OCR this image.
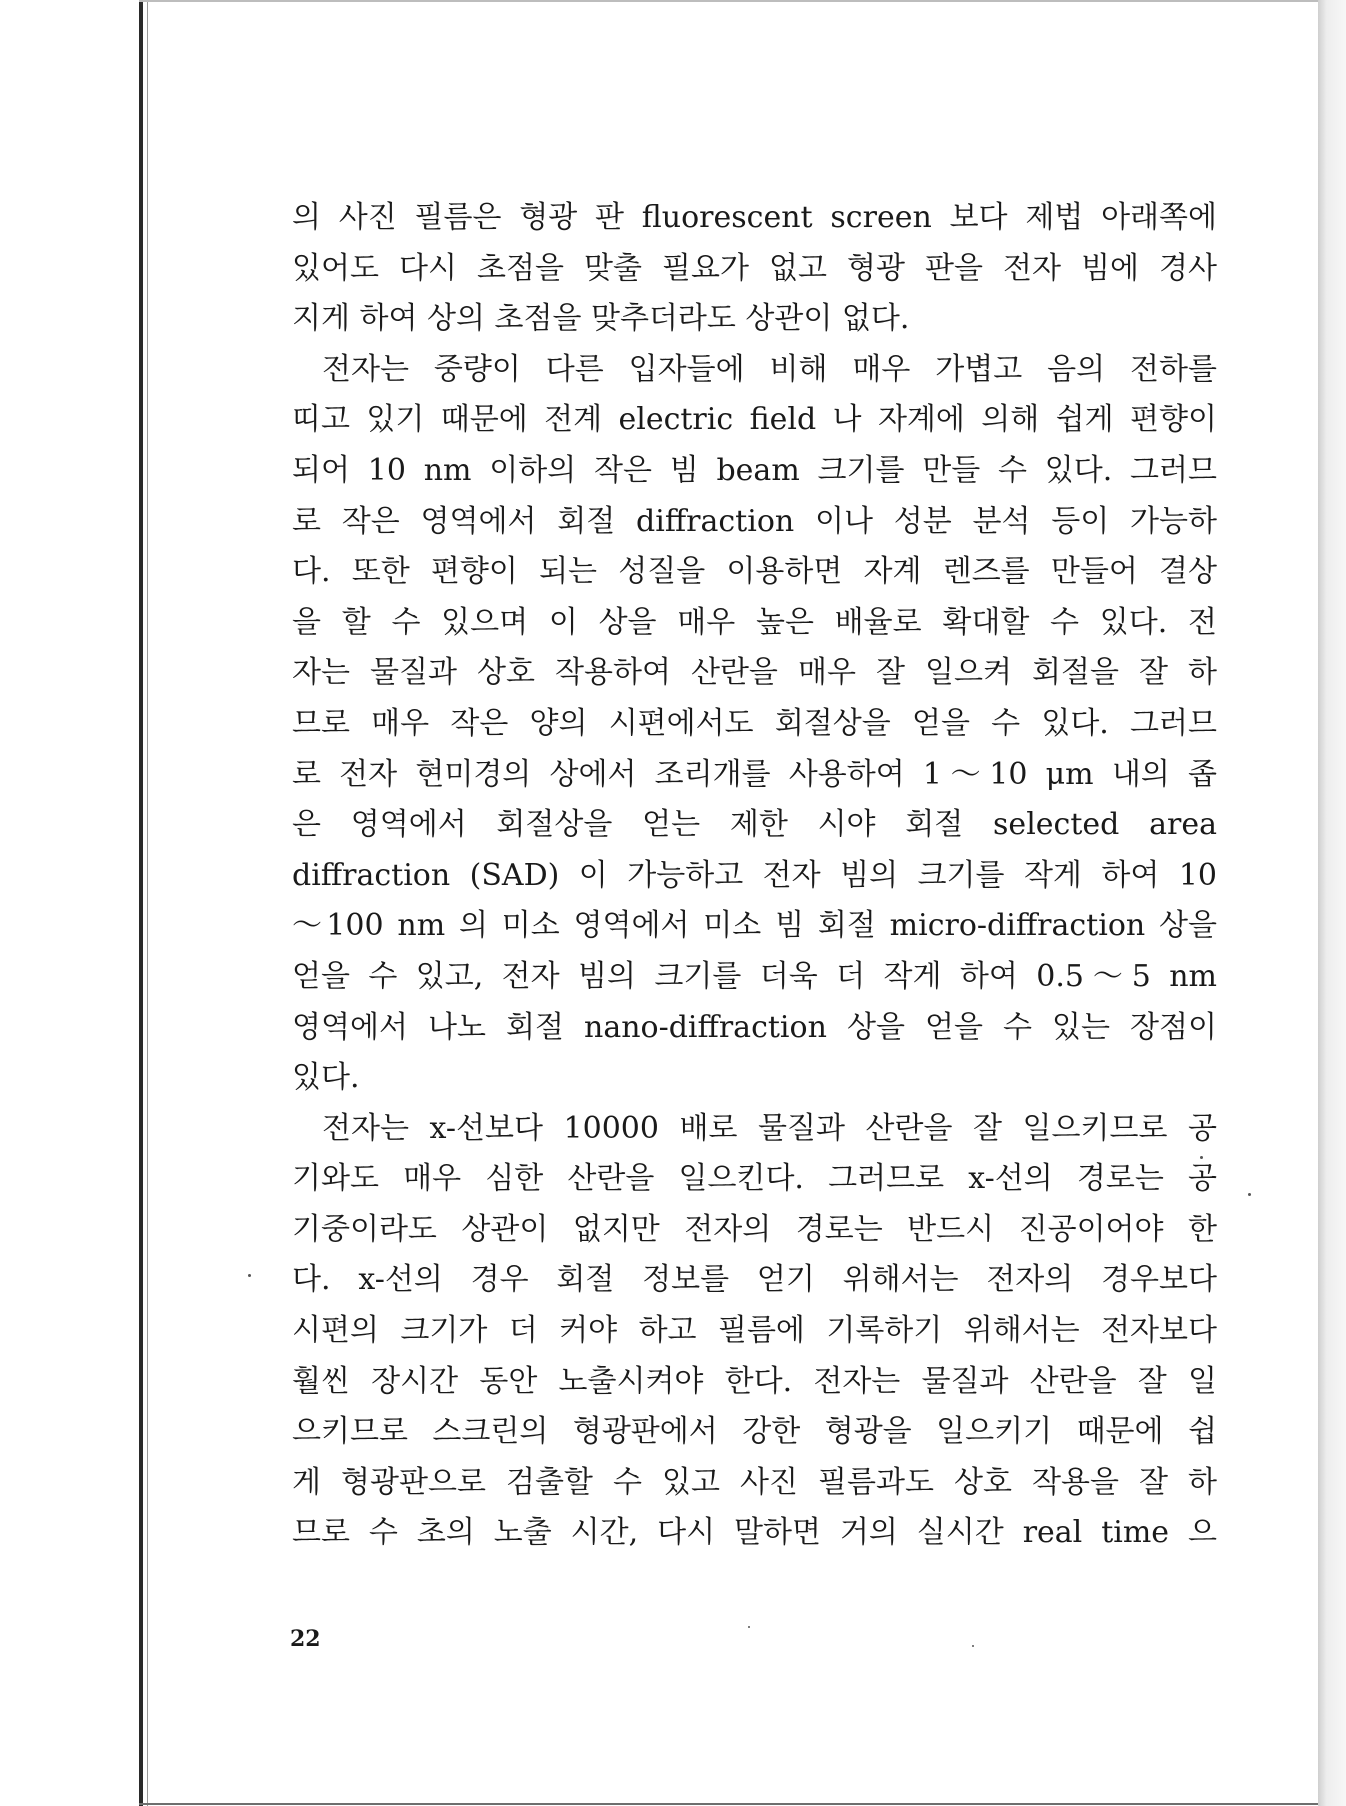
의 사진 필름은 형광 판 fluorescent screen 보다 제법 아래쪽에
있어도 다시 초점을 맞출 필요가 없고 형광 판을 전자 빔에 경사
지게 하여 상의 초점을 맞추더라도 상관이 없다.
전자는 중량이 다른 입자들에 비해 매우 가볍고 음의 전하를
띠고 있기 때문에 전계 electric field 나 자계에 의해 쉽게 편향이
되어 10 nm 이하의 작은 빔 beam 크기를 만들 수 있다. 그러므
로 작은 영역에서 회절 diffraction 이나 성분 분석 등이 가능하
다. 또한 편향이 되는 성질을 이용하면 자계 렌즈를 만들어 결상
을 할 수 있으며 이 상을 매우 높은 배율로 확대할 수 있다. 전
자는 물질과 상호 작용하여 산란을 매우 잘 일으켜 회절을 잘 하
므로 매우 작은 양의 시편에서도 회절상을 얻을 수 있다. 그러므
로 전자 현미경의 상에서 조리개를 사용하여 1～10 μm 내의 좁
은 영역에서 회절상을 얻는 제한 시야 회절 selected area
diffraction (SAD) 이 가능하고 전자 빔의 크기를 작게 하여 10
～100 nm 의 미소 영역에서 미소 빔 회절 micro-diffraction 상을
얻을 수 있고, 전자 빔의 크기를 더욱 더 작게 하여 0.5～5 nm
영역에서 나노 회절 nano-diffraction 상을 얻을 수 있는 장점이
있다.
전자는 x-선보다 10000 배로 물질과 산란을 잘 일으키므로 공
기와도 매우 심한 산란을 일으킨다. 그러므로 x-선의 경로는 공
기중이라도 상관이 없지만 전자의 경로는 반드시 진공이어야 한
다. x-선의 경우 회절 정보를 얻기 위해서는 전자의 경우보다
시편의 크기가 더 커야 하고 필름에 기록하기 위해서는 전자보다
훨씬 장시간 동안 노출시켜야 한다. 전자는 물질과 산란을 잘 일
으키므로 스크린의 형광판에서 강한 형광을 일으키기 때문에 쉽
게 형광판으로 검출할 수 있고 사진 필름과도 상호 작용을 잘 하
므로 수 초의 노출 시간, 다시 말하면 거의 실시간 real time 으
22
